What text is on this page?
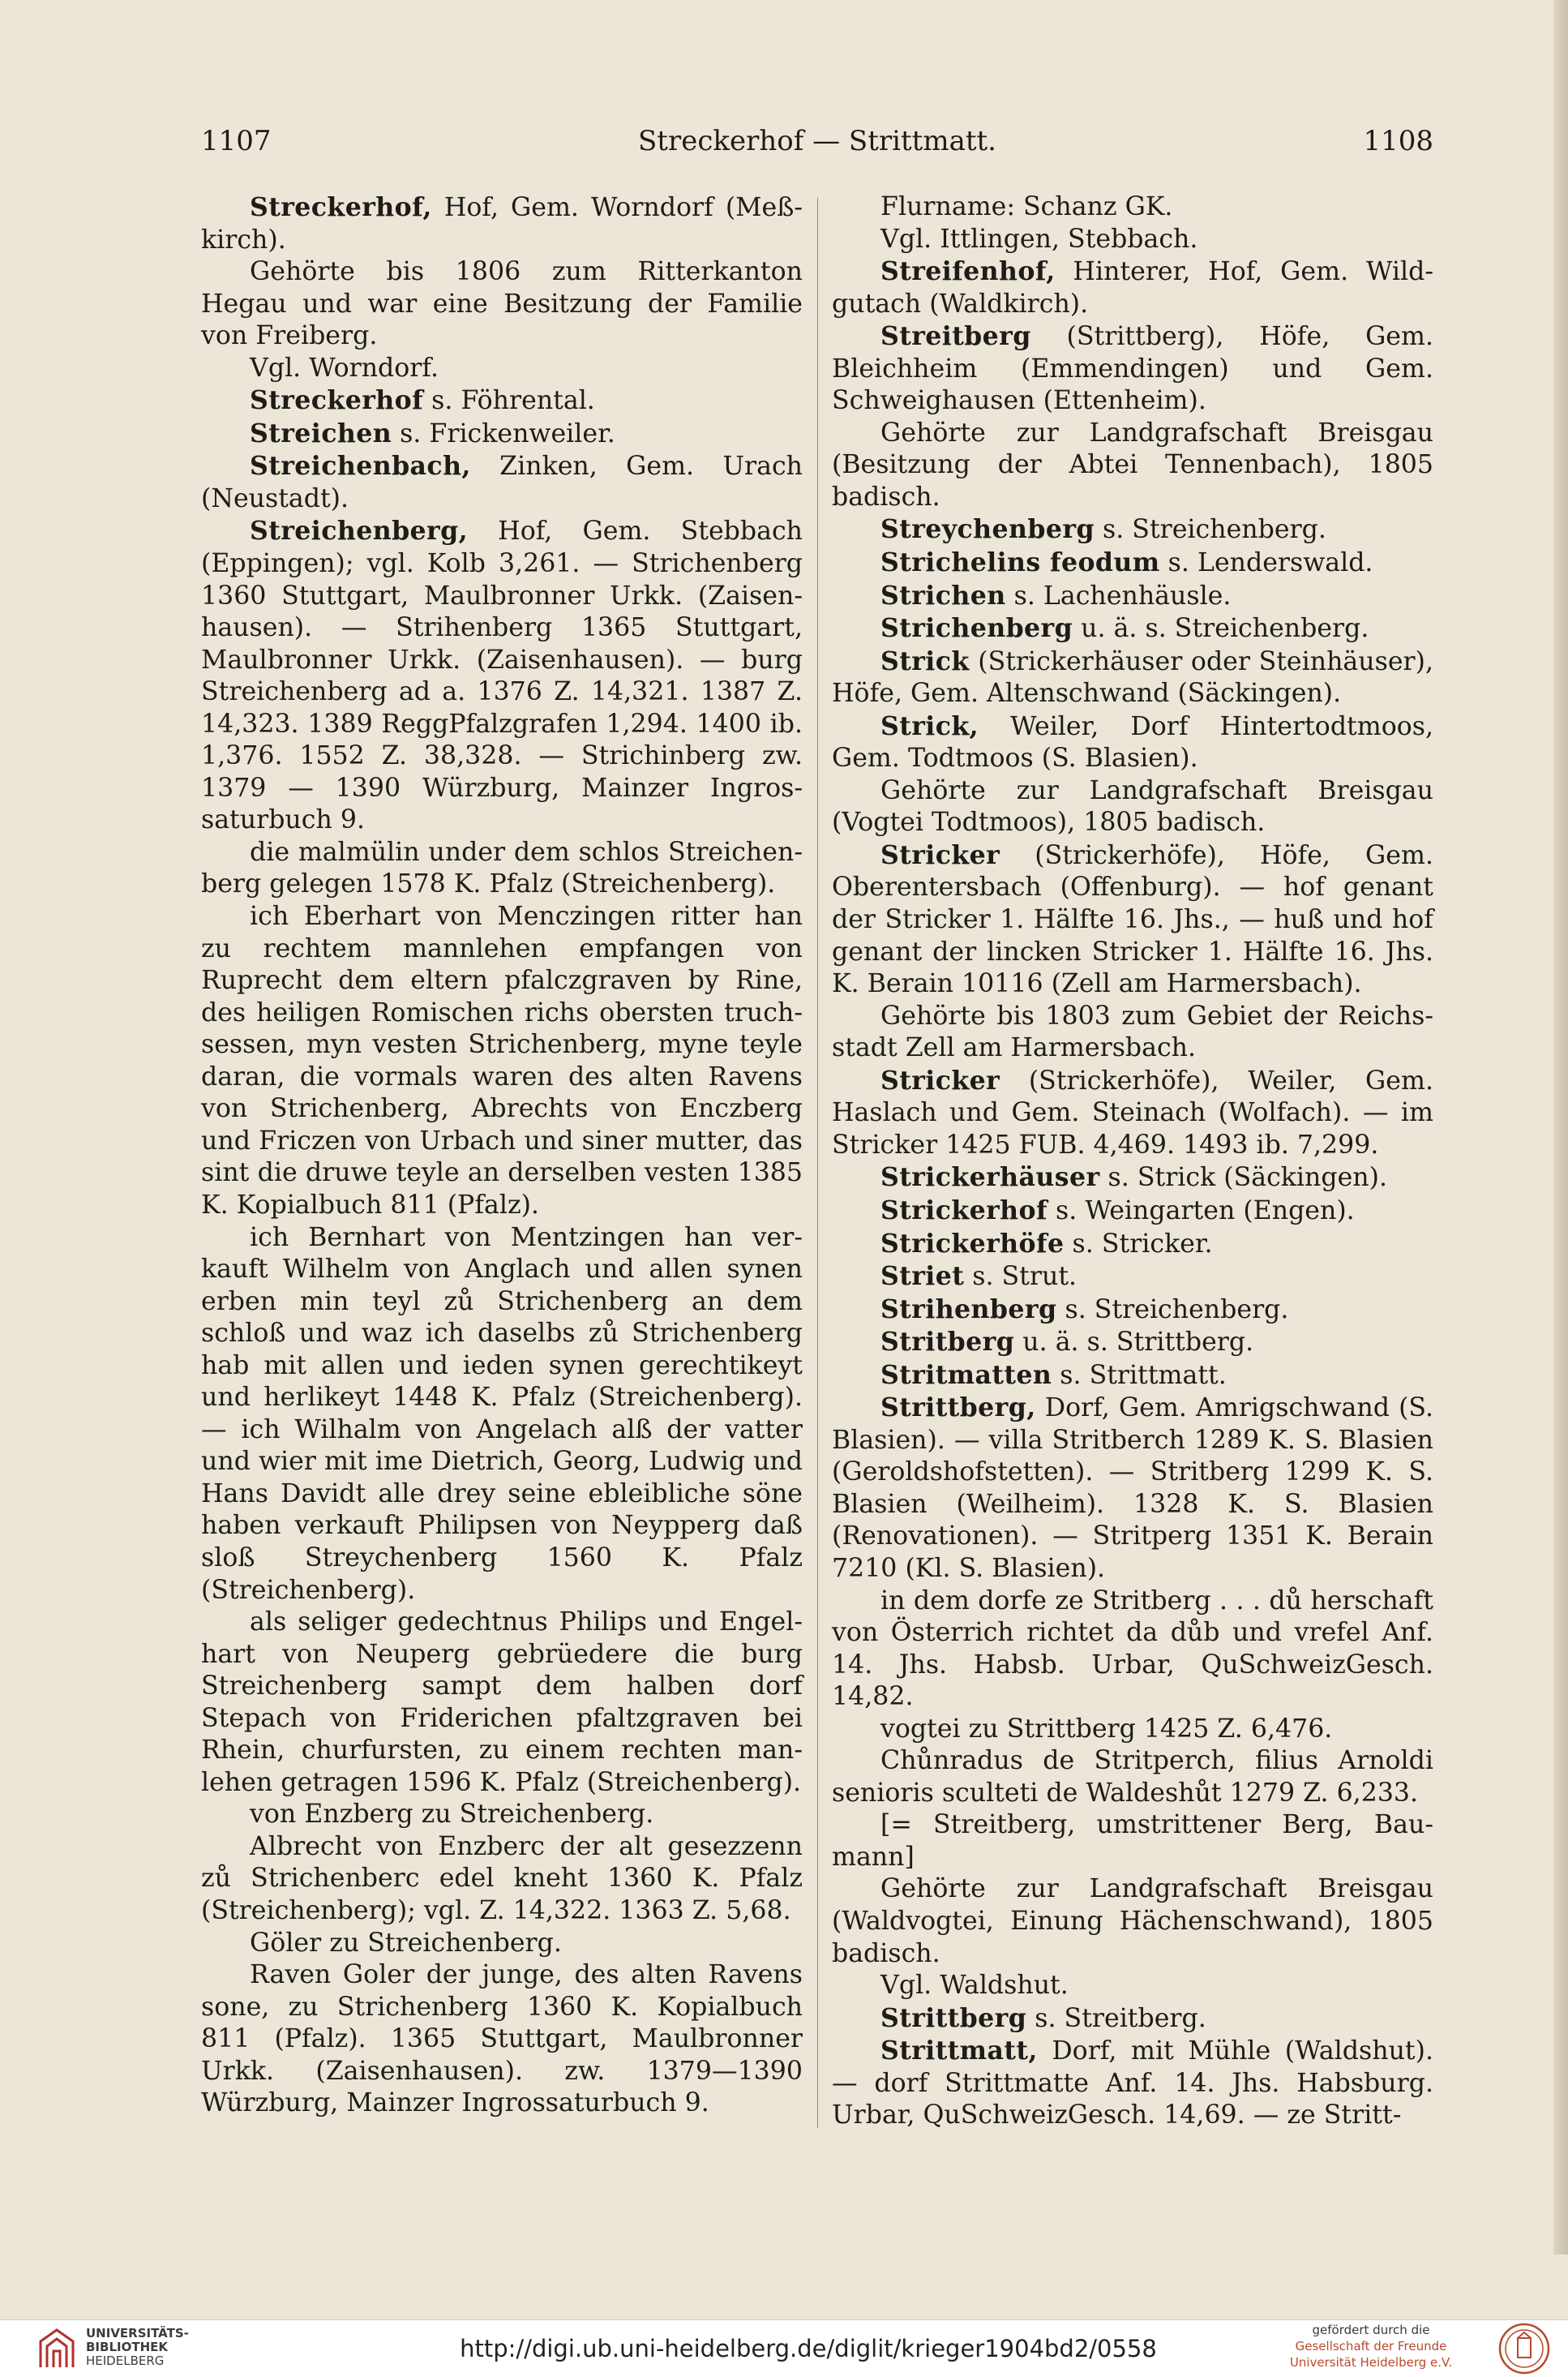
1107	Streckerhof — Strittmatt.	1108

Streckerhof, Hof, Gem. Worndorf (Meßkirch).

Gehörte bis 1806 zum Ritterkanton Hegau und war eine Besitzung der Familie von Freiberg.

Vgl. Worndorf.

Streckerhof s. Föhrental.

Streichen s. Frickenweiler.

Streichenbach, Zinken, Gem. Urach (Neustadt).

Streichenberg, Hof, Gem. Stebbach (Eppingen); vgl. Kolb 3,261. — Strichenberg 1360 Stuttgart, Maulbronner Urkk. (Zaisenhausen). — Strihenberg 1365 Stuttgart, Maulbronner Urkk. (Zaisenhausen). — burg Streichenberg ad a. 1376 Z. 14,321. 1387 Z. 14,323. 1389 ReggPfalzgrafen 1,294. 1400 ib. 1,376. 1552 Z. 38,328. — Strichinberg zw. 1379 — 1390 Würzburg, Mainzer Ingrossaturbuch 9.

die malmülin under dem schlos Streichenberg gelegen 1578 K. Pfalz (Streichenberg).

ich Eberhart von Menczingen ritter han zu rechtem mannlehen empfangen von Ruprecht dem eltern pfalczgraven by Rine, des heiligen Romischen richs obersten truchsessen, myn vesten Strichenberg, myne teyle daran, die vormals waren des alten Ravens von Strichenberg, Abrechts von Enczberg und Friczen von Urbach und siner mutter, das sint die druwe teyle an derselben vesten 1385 K. Kopialbuch 811 (Pfalz).

ich Bernhart von Mentzingen han verkauft Wilhelm von Anglach und allen synen erben min teyl zů Strichenberg an dem schloß und waz ich daselbs zů Strichenberg hab mit allen und ieden synen gerechtikeyt und herlikeyt 1448 K. Pfalz (Streichenberg). — ich Wilhalm von Angelach alß der vatter und wier mit ime Dietrich, Georg, Ludwig und Hans Davidt alle drey seine ebleibliche söne haben verkauft Philipsen von Neypperg daß sloß Streychenberg 1560 K. Pfalz (Streichenberg).

als seliger gedechtnus Philips und Engelhart von Neuperg gebrüedere die burg Streichenberg sampt dem halben dorf Stepach von Friderichen pfaltzgraven bei Rhein, churfursten, zu einem rechten manlehen getragen 1596 K. Pfalz (Streichenberg).

von Enzberg zu Streichenberg.

Albrecht von Enzberc der alt gesezzenn zů Strichenberc edel kneht 1360 K. Pfalz (Streichenberg); vgl. Z. 14,322. 1363 Z. 5,68.

Göler zu Streichenberg.

Raven Goler der junge, des alten Ravens sone, zu Strichenberg 1360 K. Kopialbuch 811 (Pfalz). 1365 Stuttgart, Maulbronner Urkk. (Zaisenhausen). zw. 1379—1390 Würzburg, Mainzer Ingrossaturbuch 9.

Flurname: Schanz GK.

Vgl. Ittlingen, Stebbach.

Streifenhof, Hinterer, Hof, Gem. Wildgutach (Waldkirch).

Streitberg (Strittberg), Höfe, Gem. Bleichheim (Emmendingen) und Gem. Schweighausen (Ettenheim).

Gehörte zur Landgrafschaft Breisgau (Besitzung der Abtei Tennenbach), 1805 badisch.

Streychenberg s. Streichenberg.

Strichelins feodum s. Lenderswald.

Strichen s. Lachenhäusle.

Strichenberg u. ä. s. Streichenberg.

Strick (Strickerhäuser oder Steinhäuser), Höfe, Gem. Altenschwand (Säckingen).

Strick, Weiler, Dorf Hintertodtmoos, Gem. Todtmoos (S. Blasien).

Gehörte zur Landgrafschaft Breisgau (Vogtei Todtmoos), 1805 badisch.

Stricker (Strickerhöfe), Höfe, Gem. Oberentersbach (Offenburg). — hof genant der Stricker 1. Hälfte 16. Jhs., — huß und hof genant der lincken Stricker 1. Hälfte 16. Jhs. K. Berain 10116 (Zell am Harmersbach).

Gehörte bis 1803 zum Gebiet der Reichsstadt Zell am Harmersbach.

Stricker (Strickerhöfe), Weiler, Gem. Haslach und Gem. Steinach (Wolfach). — im Stricker 1425 FUB. 4,469. 1493 ib. 7,299.

Strickerhäuser s. Strick (Säckingen).

Strickerhof s. Weingarten (Engen).

Strickerhöfe s. Stricker.

Striet s. Strut.

Strihenberg s. Streichenberg.

Stritberg u. ä. s. Strittberg.

Stritmatten s. Strittmatt.

Strittberg, Dorf, Gem. Amrigschwand (S. Blasien). — villa Stritberch 1289 K. S. Blasien (Geroldshofstetten). — Stritberg 1299 K. S. Blasien (Weilheim). 1328 K. S. Blasien (Renovationen). — Stritperg 1351 K. Berain 7210 (Kl. S. Blasien).

in dem dorfe ze Stritberg . . . dů herschaft von Österrich richtet da důb und vrefel Anf. 14. Jhs. Habsb. Urbar, QuSchweizGesch. 14,82.

vogtei zu Strittberg 1425 Z. 6,476.

Chůnradus de Stritperch, filius Arnoldi senioris sculteti de Waldeshůt 1279 Z. 6,233.

[= Streitberg, umstrittener Berg, Baumann]

Gehörte zur Landgrafschaft Breisgau (Waldvogtei, Einung Hächenschwand), 1805 badisch.

Vgl. Waldshut.

Strittberg s. Streitberg.

Strittmatt, Dorf, mit Mühle (Waldshut). — dorf Strittmatte Anf. 14. Jhs. Habsburg. Urbar, QuSchweizGesch. 14,69. — ze Stritt-

UNIVERSITÄTS-
BIBLIOTHEK
HEIDELBERG	http://digi.ub.uni-heidelberg.de/diglit/krieger1904bd2/0558
gefördert durch die
Gesellschaft der Freunde
Universität Heidelberg e.V.
